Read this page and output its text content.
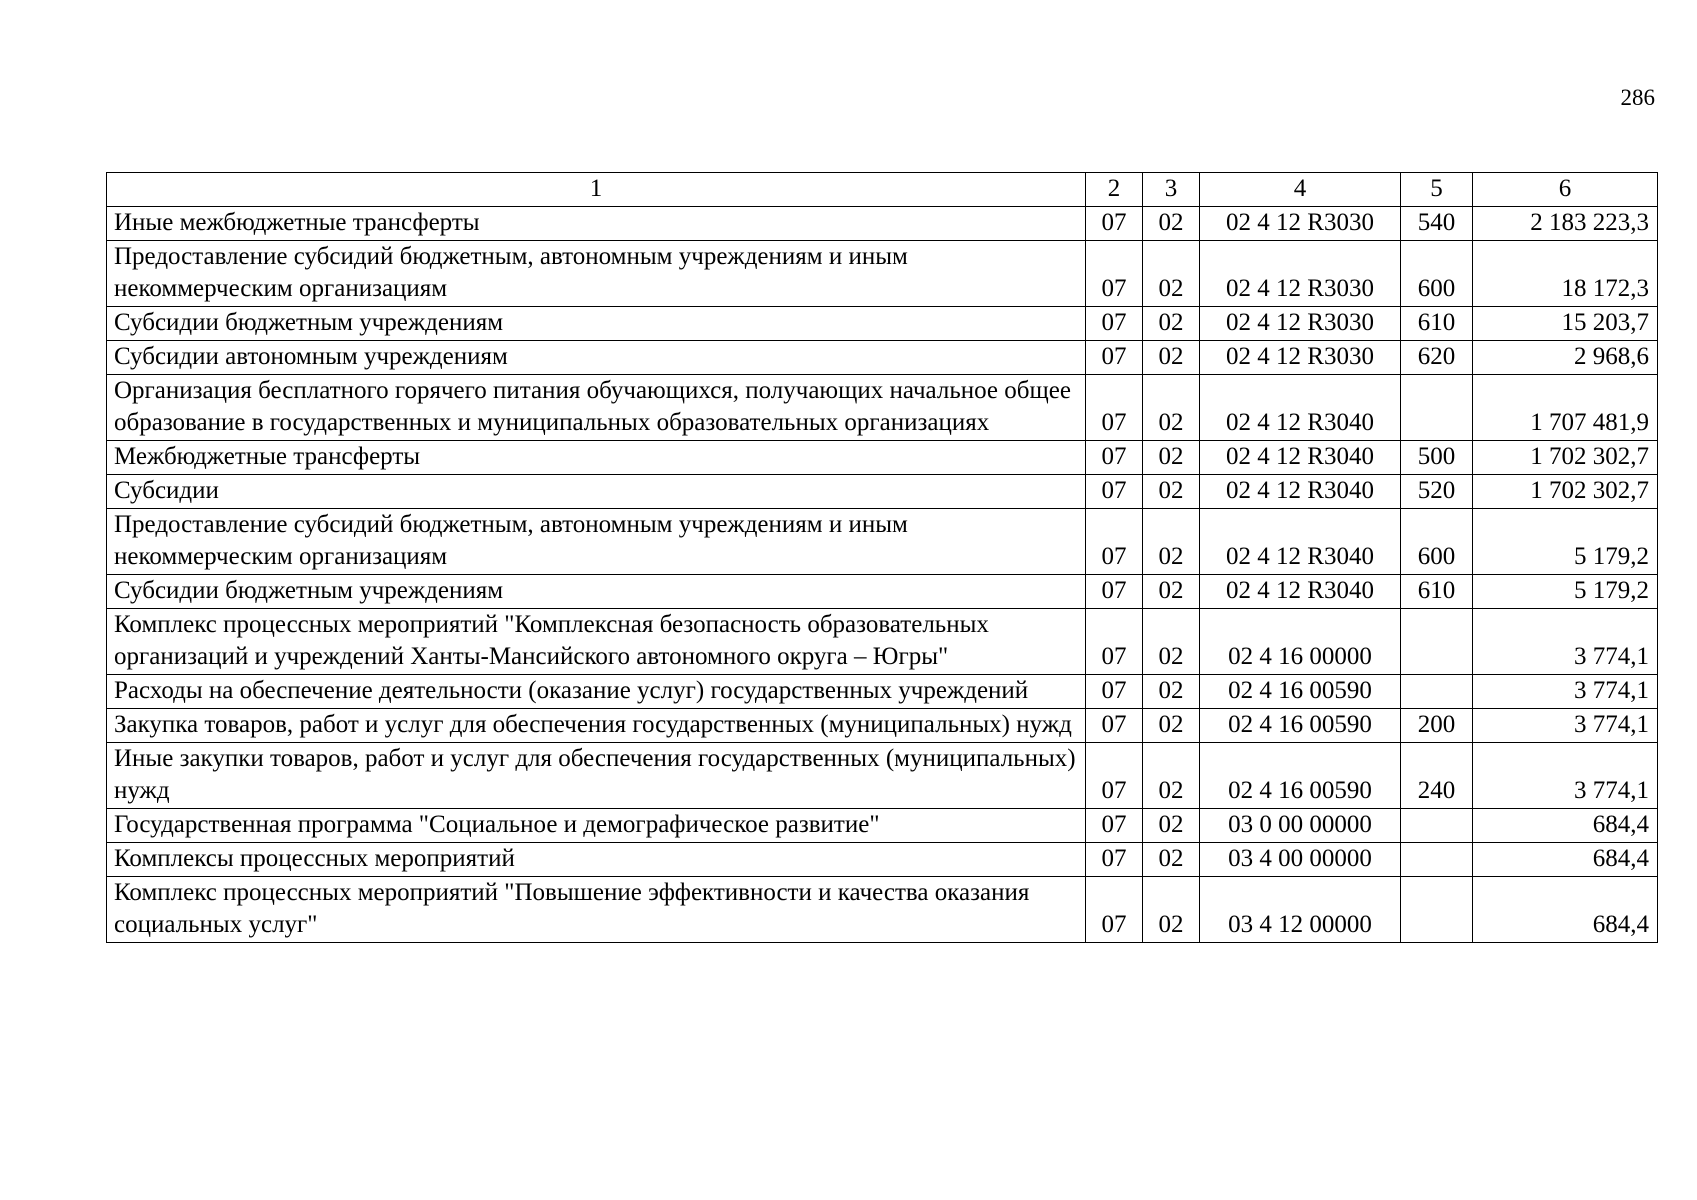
286
1	2	3	4	5	6
Иные межбюджетные трансферты	07	02	02 4 12 R3030	540	2 183 223,3
Предоставление субсидий бюджетным, автономным учреждениям и иным некоммерческим организациям	07	02	02 4 12 R3030	600	18 172,3
Субсидии бюджетным учреждениям	07	02	02 4 12 R3030	610	15 203,7
Субсидии автономным учреждениям	07	02	02 4 12 R3030	620	2 968,6
Организация бесплатного горячего питания обучающихся, получающих начальное общее образование в государственных и муниципальных образовательных организациях	07	02	02 4 12 R3040		1 707 481,9
Межбюджетные трансферты	07	02	02 4 12 R3040	500	1 702 302,7
Субсидии	07	02	02 4 12 R3040	520	1 702 302,7
Предоставление субсидий бюджетным, автономным учреждениям и иным некоммерческим организациям	07	02	02 4 12 R3040	600	5 179,2
Субсидии бюджетным учреждениям	07	02	02 4 12 R3040	610	5 179,2
Комплекс процессных мероприятий "Комплексная безопасность образовательных организаций и учреждений Ханты-Мансийского автономного округа – Югры"	07	02	02 4 16 00000		3 774,1
Расходы на обеспечение деятельности (оказание услуг) государственных учреждений	07	02	02 4 16 00590		3 774,1
Закупка товаров, работ и услуг для обеспечения государственных (муниципальных) нужд	07	02	02 4 16 00590	200	3 774,1
Иные закупки товаров, работ и услуг для обеспечения государственных (муниципальных) нужд	07	02	02 4 16 00590	240	3 774,1
Государственная программа "Социальное и демографическое развитие"	07	02	03 0 00 00000		684,4
Комплексы процессных мероприятий	07	02	03 4 00 00000		684,4
Комплекс процессных мероприятий "Повышение эффективности и качества оказания социальных услуг"	07	02	03 4 12 00000		684,4
